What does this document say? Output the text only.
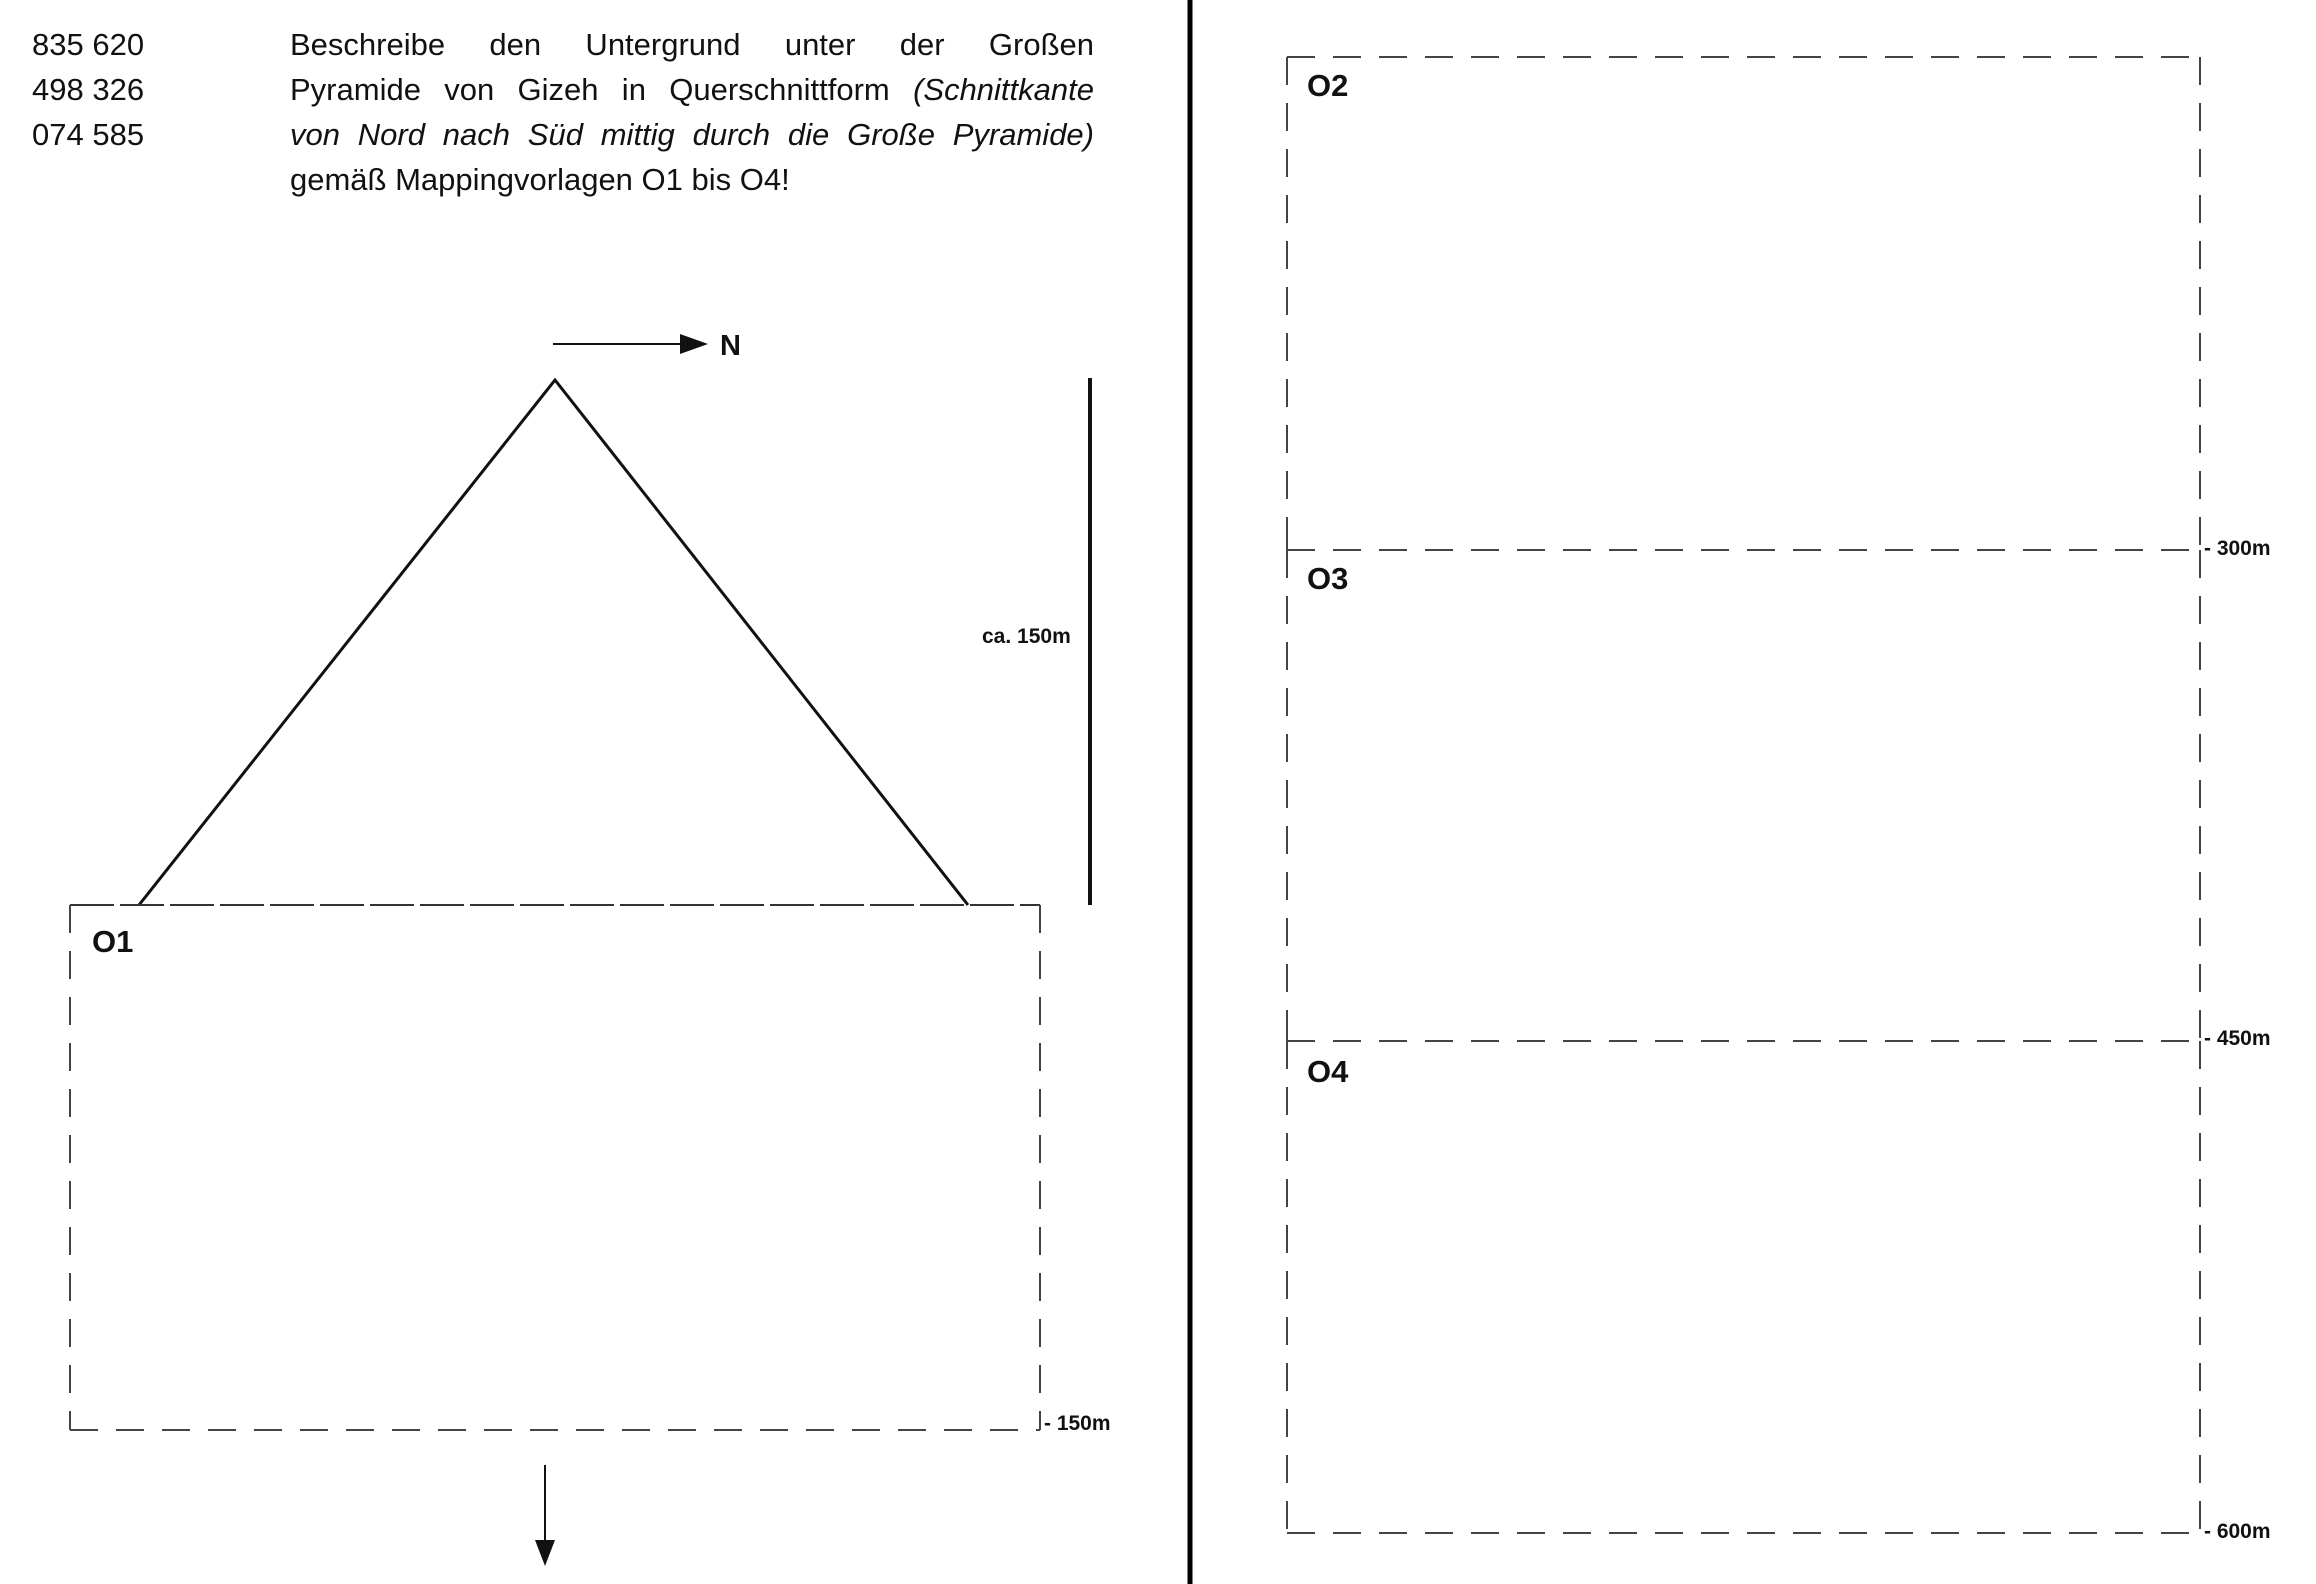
835 620
498 326
074 585
Beschreibe den Untergrund unter der Großen
Pyramide von Gizeh in Querschnittform (Schnittkante
von Nord nach Süd mittig durch die Große Pyramide)
gemäß Mappingvorlagen O1 bis O4!
N
ca. 150m
O1
- 150m
O2
O3
- 300m
O4
- 450m
- 600m
